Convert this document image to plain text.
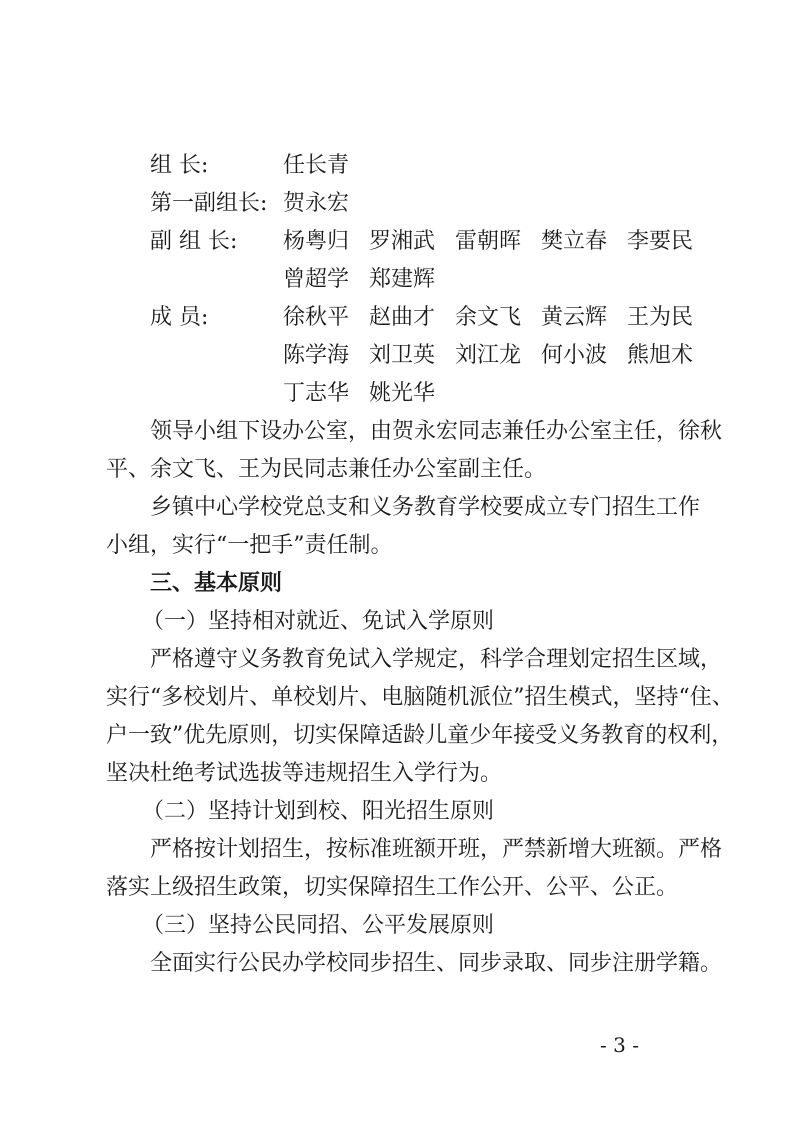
组 长:	任长青
第一副组长: 贺永宏
副 组 长: 杨粤归 罗湘武 雷朝晖 樊立春 李要民
曾超学 郑建辉
成 员:	徐秋平 赵曲才 余文飞 黄云辉 王为民
陈学海 刘卫英 刘江龙 何小波 熊旭术
丁志华 姚光华
领导小组下设办公室，由贺永宏同志兼任办公室主任，徐秋
平、余文飞、王为民同志兼任办公室副主任。
乡镇中心学校党总支和义务教育学校要成立专门招生工作
小组，实行“一把手”责任制。
三、基本原则
（一）坚持相对就近、免试入学原则
严格遵守义务教育免试入学规定，科学合理划定招生区域，
实行“多校划片、单校划片、电脑随机派位”招生模式，坚持“住、
户一致”优先原则，切实保障适龄儿童少年接受义务教育的权利，
坚决杜绝考试选拔等违规招生入学行为。
（二）坚持计划到校、阳光招生原则
严格按计划招生，按标准班额开班，严禁新增大班额。严格
落实上级招生政策，切实保障招生工作公开、公平、公正。
（三）坚持公民同招、公平发展原则
全面实行公民办学校同步招生、同步录取、同步注册学籍。
- 3 -
